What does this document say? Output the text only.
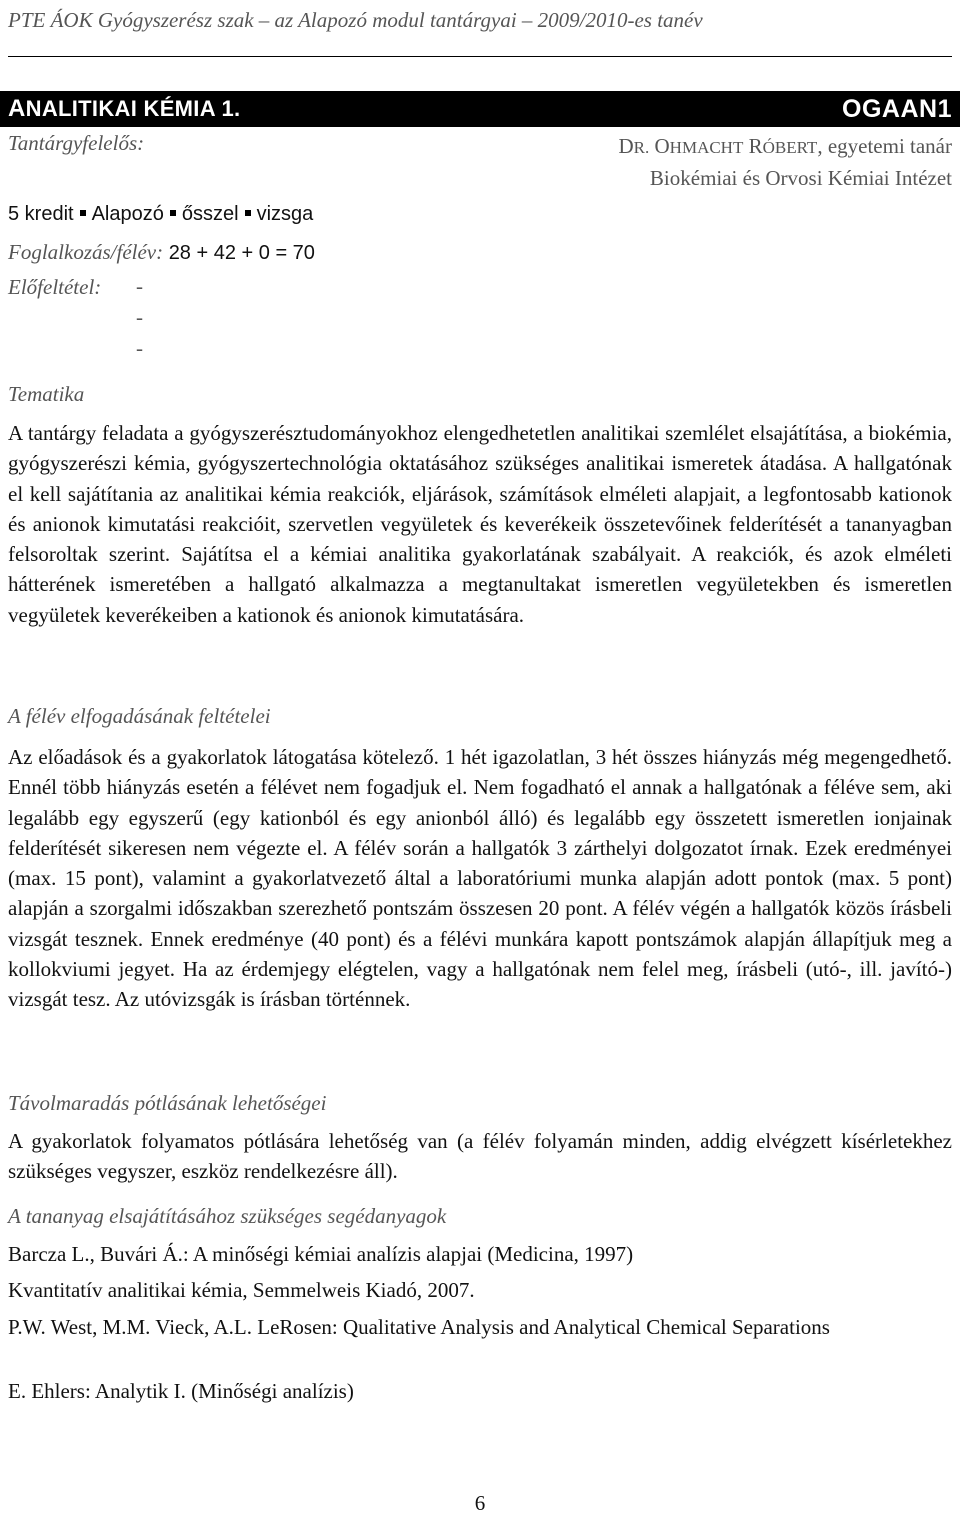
PTE ÁOK Gyógyszerész szak – az Alapozó modul tantárgyai – 2009/2010-es tanév
ANALITIKAI KÉMIA 1.	OGAAN1
Tantárgyfelelős:	DR. OHMACHT RÓBERT, egyetemi tanár
Biokémiai és Orvosi Kémiai Intézet
5 kredit Alapozó ősszel vizsga
Foglalkozás/félév: 28 + 42 + 0 = 70
Előfeltétel: -
-
-
Tematika

A tantárgy feladata a gyógyszerésztudományokhoz elengedhetetlen analitikai szemlélet elsajátítása, a biokémia, gyógyszerészi kémia, gyógyszertechnológia oktatásához szükséges analitikai ismeretek átadása. A hallgatónak el kell sajátítania az analitikai kémia reakciók, eljárások, számítások elméleti alapjait, a legfontosabb kationok és anionok kimutatási reakcióit, szervetlen vegyületek és keverékeik összetevőinek felderítését a tananyagban felsoroltak szerint. Sajátítsa el a kémiai analitika gyakorlatának szabályait. A reakciók, és azok elméleti hátterének ismeretében a hallgató alkalmazza a megtanultakat ismeretlen vegyületekben és ismeretlen vegyületek keverékeiben a kationok és anionok kimutatására.

A félév elfogadásának feltételei

Az előadások és a gyakorlatok látogatása kötelező. 1 hét igazolatlan, 3 hét összes hiányzás még megengedhető. Ennél több hiányzás esetén a félévet nem fogadjuk el. Nem fogadható el annak a hallgatónak a féléve sem, aki legalább egy egyszerű (egy kationból és egy anionból álló) és legalább egy összetett ismeretlen ionjainak felderítését sikeresen nem végezte el. A félév során a hallgatók 3 zárthelyi dolgozatot írnak. Ezek eredményei (max. 15 pont), valamint a gyakorlatvezető által a laboratóriumi munka alapján adott pontok (max. 5 pont) alapján a szorgalmi időszakban szerezhető pontszám összesen 20 pont. A félév végén a hallgatók közös írásbeli vizsgát tesznek. Ennek eredménye (40 pont) és a félévi munkára kapott pontszámok alapján állapítjuk meg a kollokviumi jegyet. Ha az érdemjegy elégtelen, vagy a hallgatónak nem felel meg, írásbeli (utó-, ill. javító-) vizsgát tesz. Az utóvizsgák is írásban történnek.

Távolmaradás pótlásának lehetőségei

A gyakorlatok folyamatos pótlására lehetőség van (a félév folyamán minden, addig elvégzett kísérletekhez szükséges vegyszer, eszköz rendelkezésre áll).

A tananyag elsajátításához szükséges segédanyagok

Barcza L., Buvári Á.: A minőségi kémiai analízis alapjai (Medicina, 1997)

Kvantitatív analitikai kémia, Semmelweis Kiadó, 2007.

P.W. West, M.M. Vieck, A.L. LeRosen: Qualitative Analysis and Analytical Chemical Separations

E. Ehlers: Analytik I. (Minőségi analízis)

6
